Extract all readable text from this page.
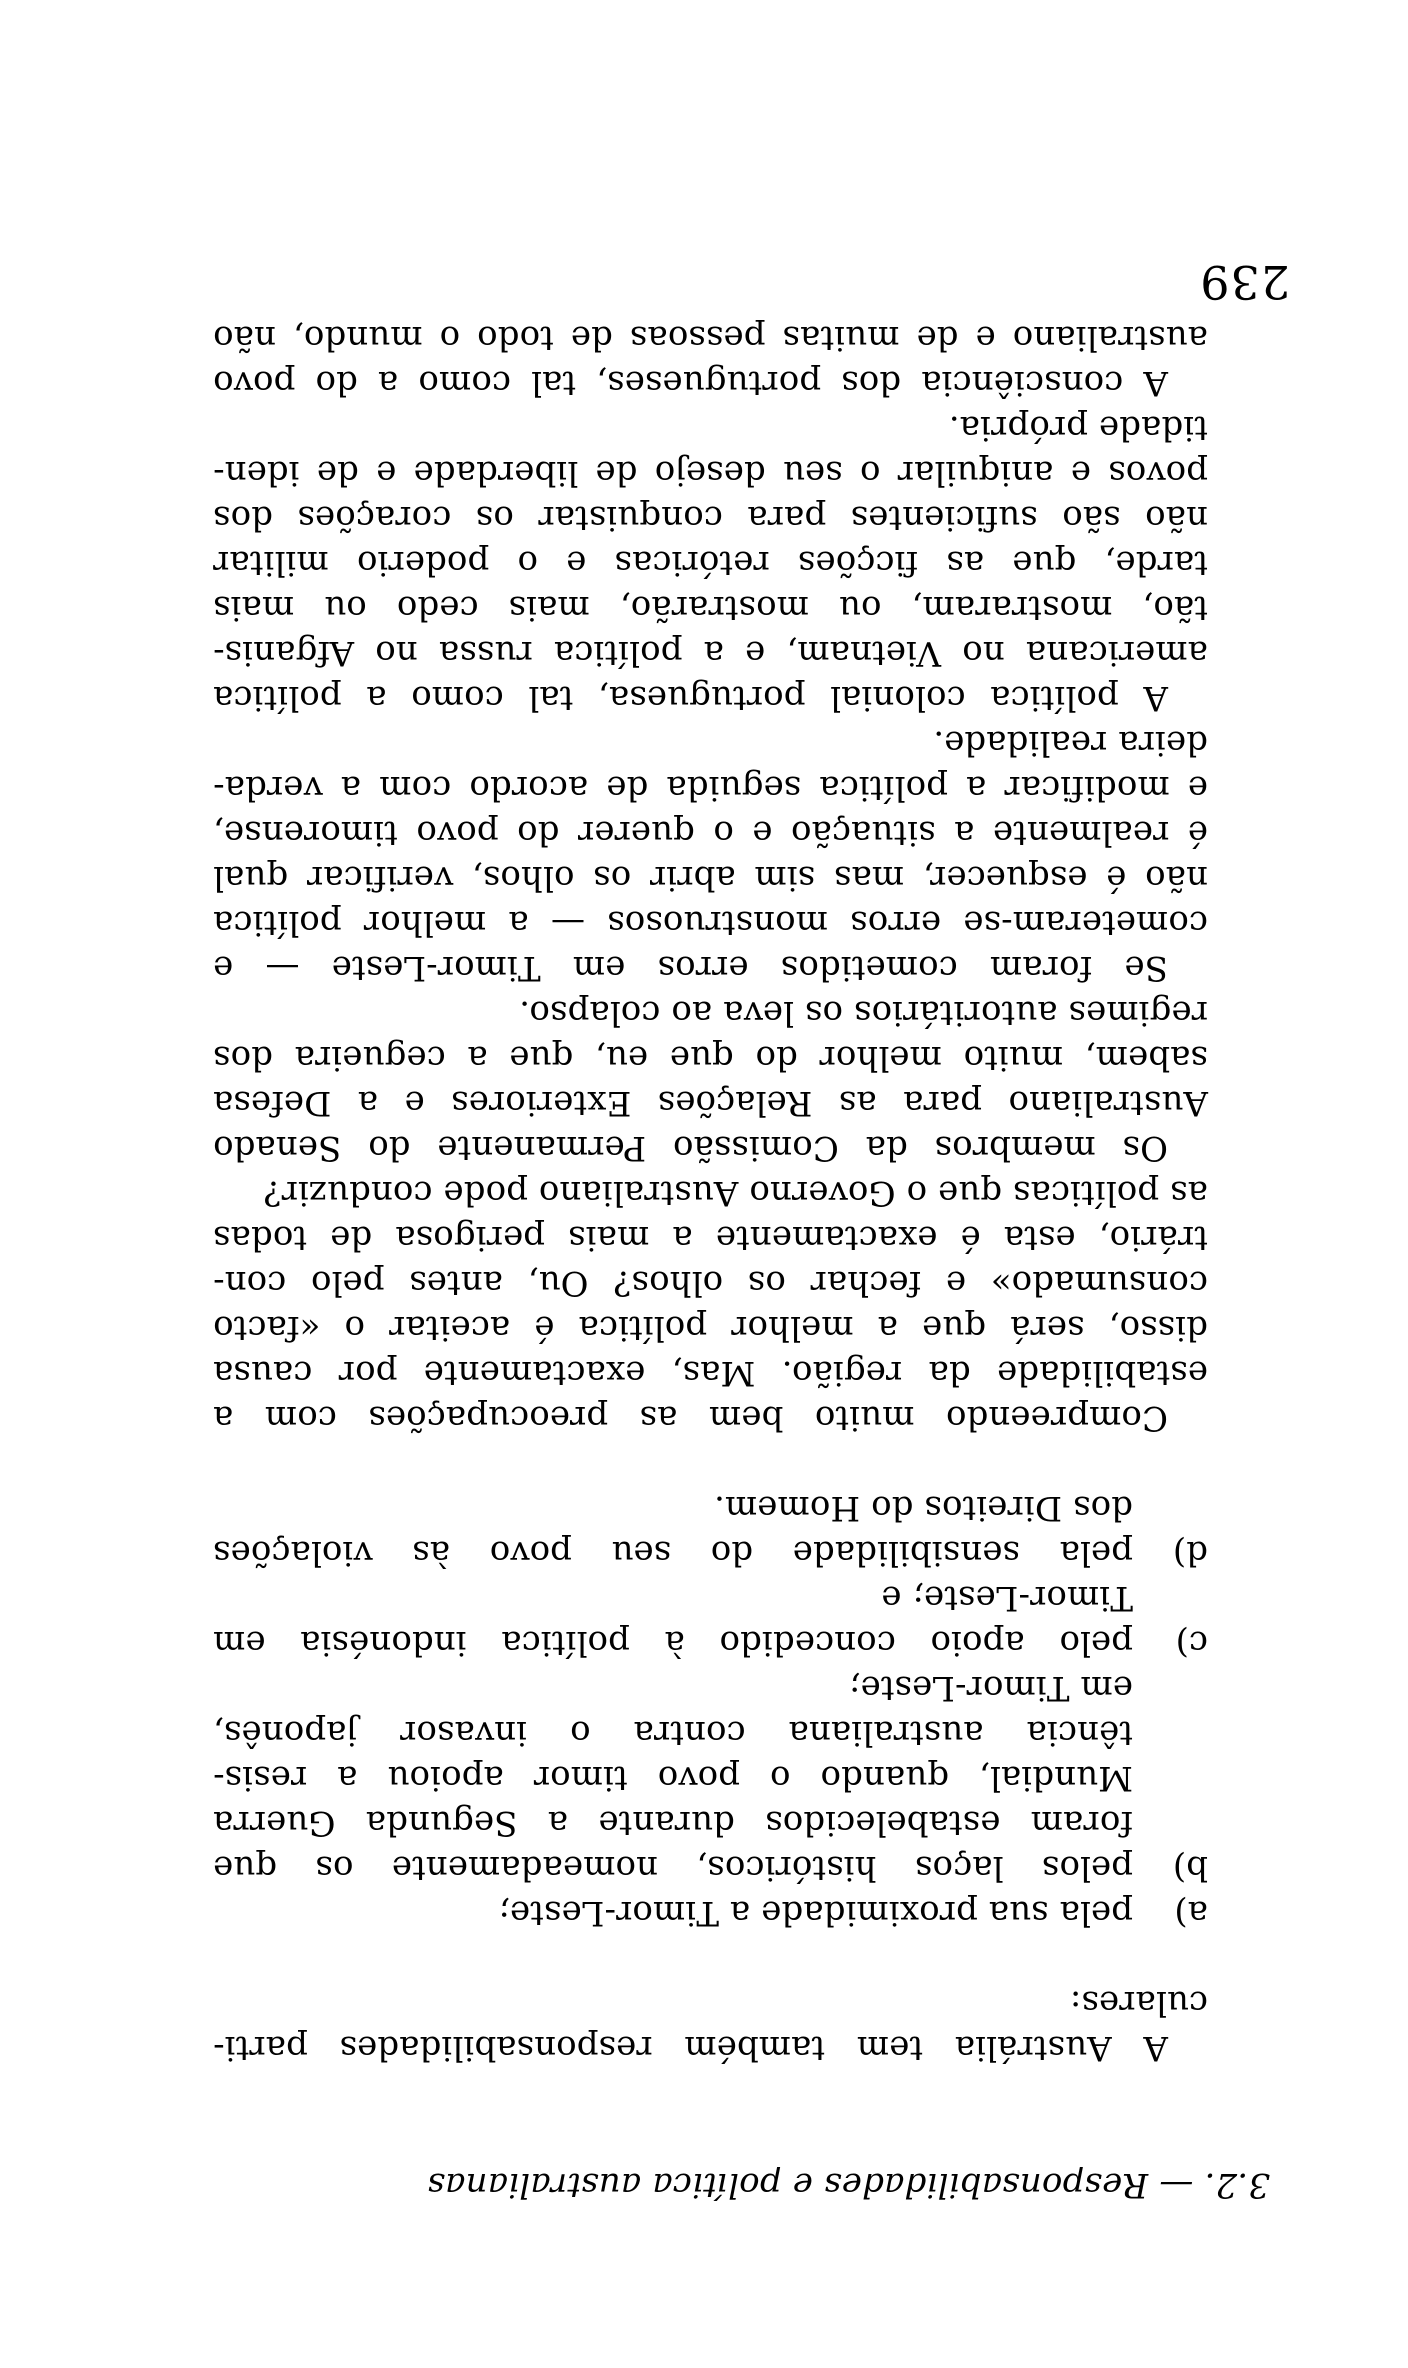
3.2. — Responsabilidades e política australianas
A Austrália tem também responsabilidades parti-
culares:
a)pela sua proximidade a Timor-Leste;
b)pelos laços históricos, nomeadamente os que
foram estabelecidos durante a Segunda Guerra
Mundial, quando o povo timor apoiou a resis-
tência australiana contra o invasor japonês,
em Timor-Leste;
c)pelo apoio concedido à política indonésia em
Timor-Leste; e
d)pela sensibilidade do seu povo às violações
dos Direitos do Homem.
Compreendo muito bem as preocupações com a
estabilidade da região. Mas, exactamente por causa
disso, será que a melhor política é aceitar o «facto
consumado» e fechar os olhos? Ou, antes pelo con-
trário, esta é exactamente a mais perigosa de todas
as políticas que o Governo Australiano pode conduzir?
Os membros da Comissão Permanente do Senado
Australiano para as Relações Exteriores e a Defesa
sabem, muito melhor do que eu, que a cegueira dos
regimes autoritários os leva ao colapso.
Se foram cometidos erros em Timor-Leste — e
cometeram-se erros monstruosos — a melhor política
não é esquecer, mas sim abrir os olhos, verificar qual
é realmente a situação e o querer do povo timorense,
e modificar a política seguida de acordo com a verda-
deira realidade.
A política colonial portuguesa, tal como a política
americana no Vietnam, e a política russa no Afganis-
tão, mostraram, ou mostrarão, mais cedo ou mais
tarde, que as ficções retóricas e o poderio militar
não são suficientes para conquistar os corações dos
povos e aniquilar o seu desejo de liberdade e de iden-
tidade própria.
A consciência dos portugueses, tal como a do povo
australiano e de muitas pessoas de todo o mundo, não
239
